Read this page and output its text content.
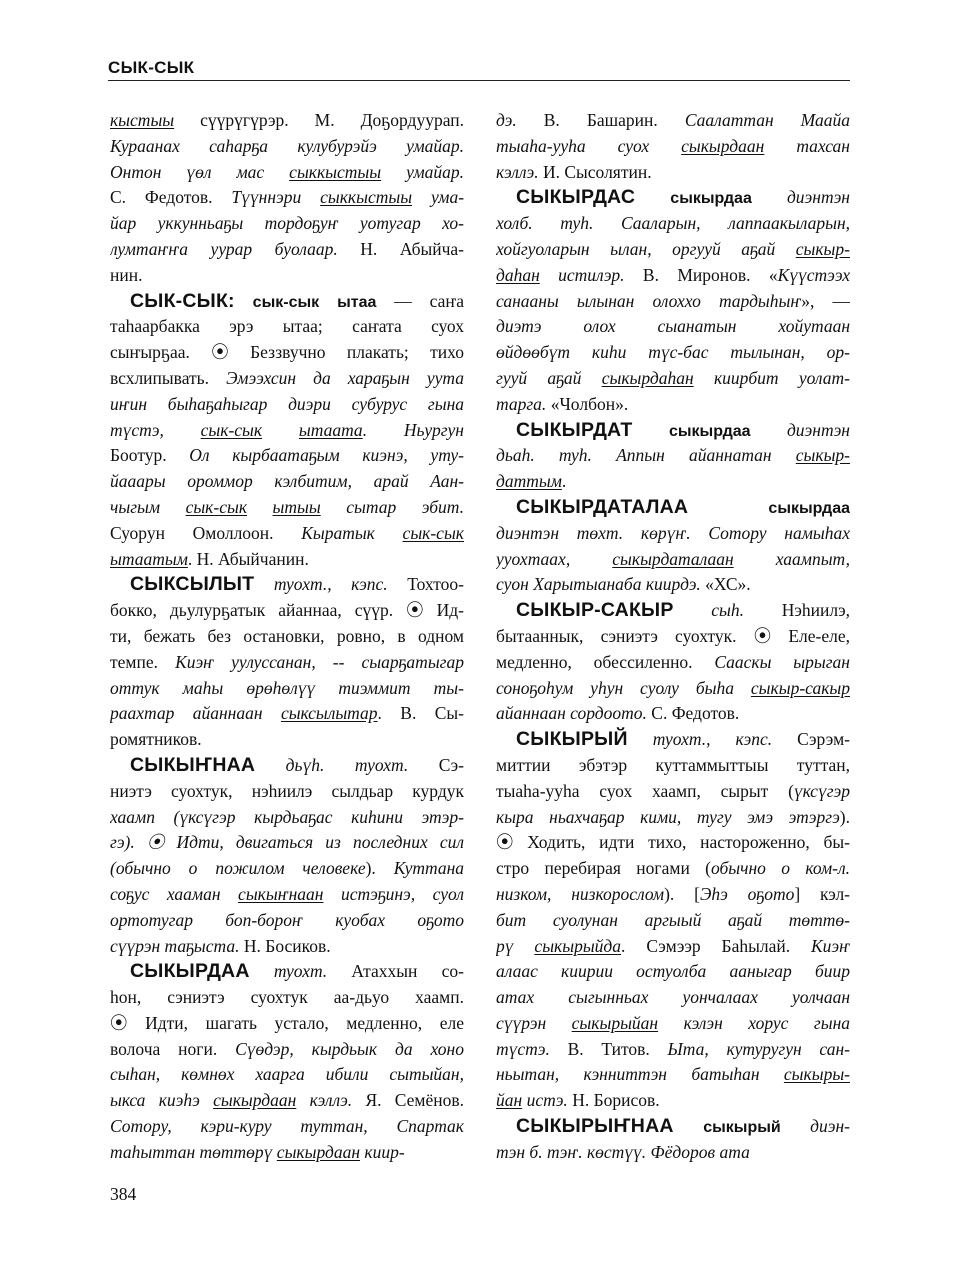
СЫК-СЫК
кыстыы сүүрүгүрэр. М. Доҕордуурап.
Кураанах саһарҕа кулубурэйэ умайар.
Онтон үөл мас сыккыстыы умайар.
С. Федотов. Түүннэри сыккыстыы ума-
йар уккунньаҕы тордоҕуҥ уотугар хо-
лумтаҥҥа уурар буолаар. Н. Абыйча-
нин.
СЫК-СЫК: сык-сык ытаа — саҥа
таһаарбакка эрэ ытаа; саҥата суох
сыҥырҕаа. ⦿ Беззвучно плакать; тихо
всхлипывать. Эмээхсин да хараҕын уута
иҥин быһаҕаһыгар диэри субурус гына
түстэ, сык-сык ытаата. Ньургун
Боотур. Ол кырбаатаҕым киэнэ, уту-
йааары ороммор кэлбитим, арай Аан-
чыгым сык-сык ытыы сытар эбит.
Суорун Омоллоон. Кыратык сык-сык
ытаатым. Н. Абыйчанин.
СЫКСЫЛЫТ туохт., кэпс. Тохтоо-
бокко, дьулурҕатык айаннаа, сүүр. ⦿ Ид-
ти, бежать без остановки, ровно, в одном
темпе. Киэҥ уулуссанан, -- сыарҕатыгар
оттук маһы өрөһөлүү тиэммит ты-
раахтар айаннаан сыксылытар. В. Сы-
ромятников.
СЫКЫҤНАА дьүһ. туохт. Сэ-
ниэтэ суохтук, нэһиилэ сылдьар курдук
хаамп (үксүгэр кырдьаҕас киһини этэр-
гэ). ⦿ Идти, двигаться из последних сил
(обычно о пожилом человеке). Куттана
соҕус хааман сыкыҥнаан истэҕинэ, суол
ортотугар боп-бороҥ куобах оҕото
сүүрэн таҕыста. Н. Босиков.
СЫКЫРДАА туохт. Атаххын со-
һон, сэниэтэ суохтук аа-дьуо хаамп.
⦿ Идти, шагать устало, медленно, еле
волоча ноги. Сүөдэр, кырдьык да хоно
сыһан, көмнөх хаарга ибили сытыйан,
ыкса киэһэ сыкырдаан кэллэ. Я. Семёнов.
Сотору, кэри-куру туттан, Спартак
таһыттан төттөрү сыкырдаан киир-
дэ. В. Башарин. Саалаттан Маайа
тыаһа-ууһа суох сыкырдаан тахсан
кэллэ. И. Сысолятин.
СЫКЫРДАС сыкырдаа диэнтэн
холб. туһ. Сааларын, лаппаакыларын,
хойгуоларын ылан, оргууй аҕай сыкыр-
даһан истилэр. В. Миронов. «Күүстээх
санааны ылынан олоххо тардыһыҥ», —
диэтэ олох сыанатын хойутаан
өйдөөбүт киһи түс-бас тылынан, ор-
гууй аҕай сыкырдаһан киирбит уолат-
тарга. «Чолбон».
СЫКЫРДАТ сыкырдаа диэнтэн
дьаһ. туһ. Аппын айаннатан сыкыр-
даттым.
СЫКЫРДАТАЛАА сыкырдаа
диэнтэн төхт. көрүҥ. Сотору намыһах
ууохтаах, сыкырдаталаан хаампыт,
суон Харытыанаба киирдэ. «ХС».
СЫКЫР-САКЫР сыһ. Нэһиилэ,
бытааннык, сэниэтэ суохтук. ⦿ Еле-еле,
медленно, обессиленно. Сааскы ырыган
соноҕоһум уһун суолу быһа сыкыр-сакыр
айаннаан сордоото. С. Федотов.
СЫКЫРЫЙ туохт., кэпс. Сэрэм-
миттии эбэтэр куттаммыттыы туттан,
тыаһа-ууһа суох хаамп, сырыт (үксүгэр
кыра ньахчаҕар кими, тугу эмэ этэргэ).
⦿ Ходить, идти тихо, настороженно, бы-
стро перебирая ногами (обычно о ком-л.
низком, низкорослом). [Эһэ оҕото] кэл-
бит суолунан аргыый аҕай төттө-
рү сыкырыйда. Сэмээр Баһылай. Киэҥ
алаас киирии остуолба ааныгар биир
атах сыгынньах уончалаах уолчаан
сүүрэн сыкырыйан кэлэн хорус гына
түстэ. В. Титов. Ыта, кутуругун сан-
ньытан, кэнниттэн батыһан сыкыры-
йан истэ. Н. Борисов.
СЫКЫРЫҤНАА сыкырый диэн-
тэн б. тэҥ. көстүү. Фёдоров ата
384
